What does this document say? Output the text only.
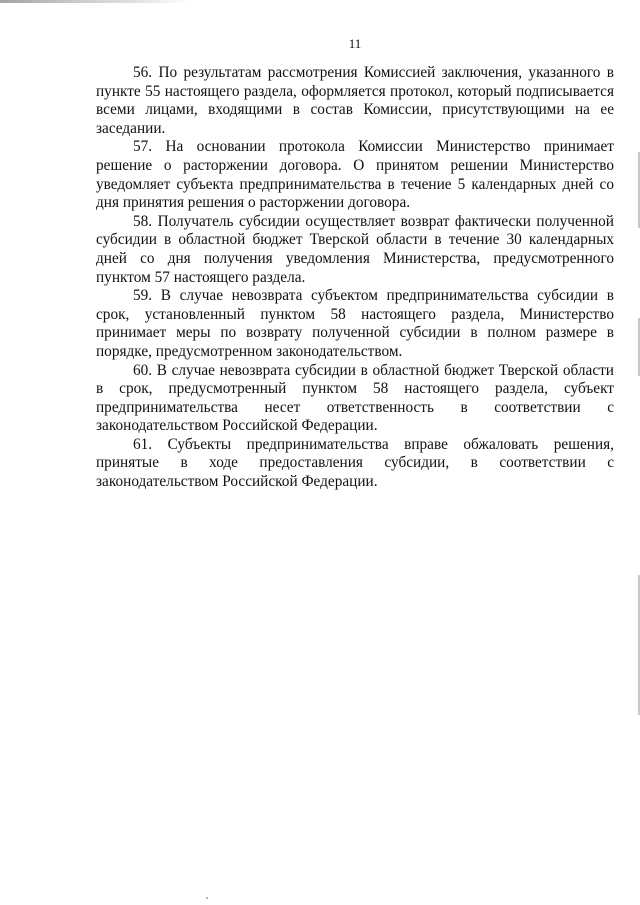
11

56. По результатам рассмотрения Комиссией заключения, указанного в пункте 55 настоящего раздела, оформляется протокол, который подписывается всеми лицами, входящими в состав Комиссии, присутствующими на ее заседании.

57. На основании протокола Комиссии Министерство принимает решение о расторжении договора. О принятом решении Министерство уведомляет субъекта предпринимательства в течение 5 календарных дней со дня принятия решения о расторжении договора.

58. Получатель субсидии осуществляет возврат фактически полученной субсидии в областной бюджет Тверской области в течение 30 календарных дней со дня получения уведомления Министерства, предусмотренного пунктом 57 настоящего раздела.

59. В случае невозврата субъектом предпринимательства субсидии в срок, установленный пунктом 58 настоящего раздела, Министерство принимает меры по возврату полученной субсидии в полном размере в порядке, предусмотренном законодательством.

60. В случае невозврата субсидии в областной бюджет Тверской области в срок, предусмотренный пунктом 58 настоящего раздела, субъект предпринимательства несет ответственность в соответствии с законодательством Российской Федерации.

61. Субъекты предпринимательства вправе обжаловать решения, принятые в ходе предоставления субсидии, в соответствии с законодательством Российской Федерации.
